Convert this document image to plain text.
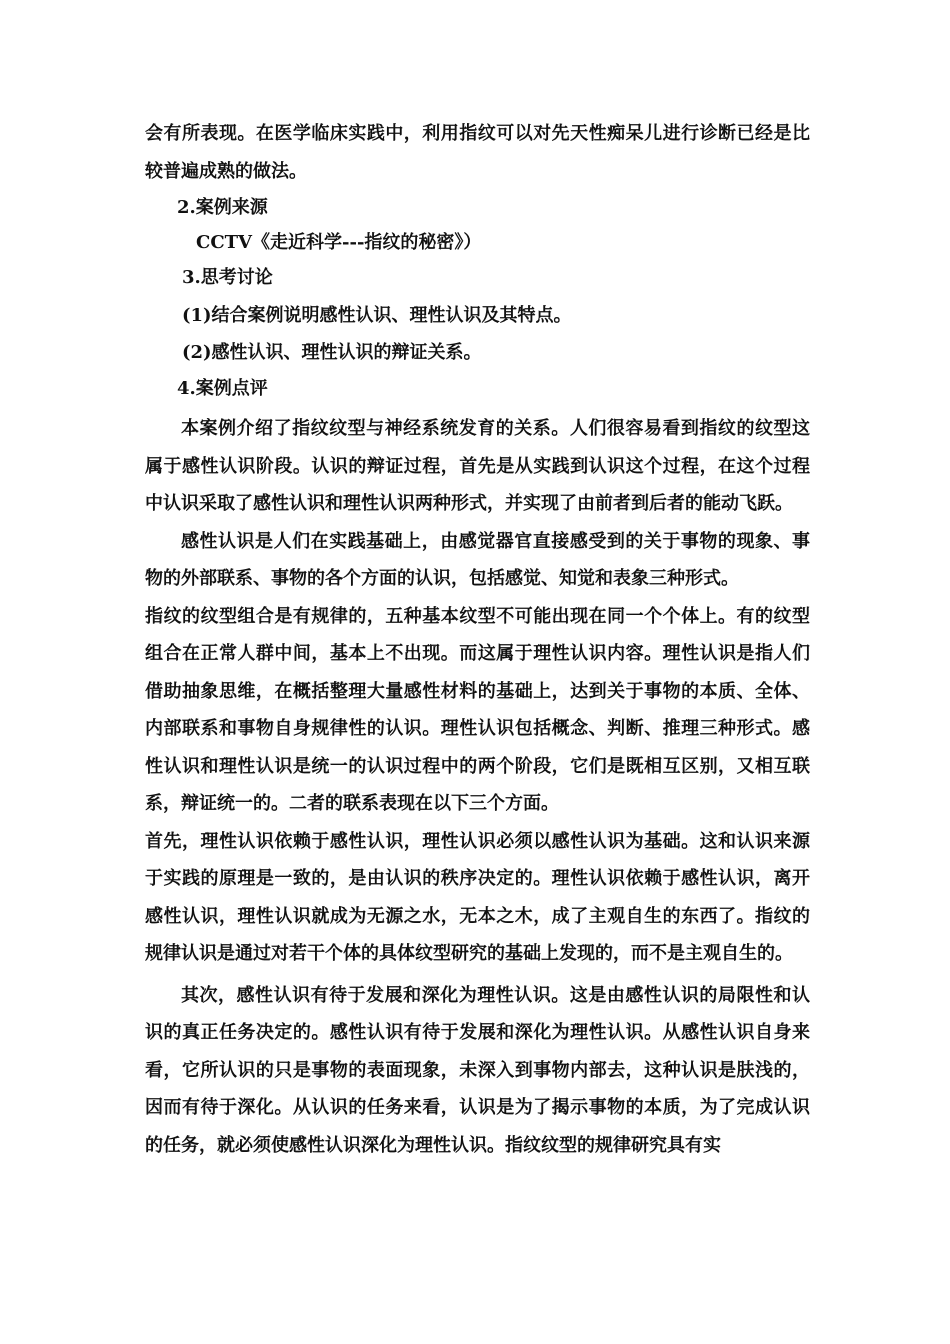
会有所表现。在医学临床实践中，利用指纹可以对先天性痴呆儿进行诊断已经是比较普遍成熟的做法。

2.案例来源

CCTV《走近科学---指纹的秘密》）

3.思考讨论

(1)结合案例说明感性认识、理性认识及其特点。

(2)感性认识、理性认识的辩证关系。

4.案例点评

本案例介绍了指纹纹型与神经系统发育的关系。人们很容易看到指纹的纹型这属于感性认识阶段。认识的辩证过程，首先是从实践到认识这个过程，在这个过程中认识采取了感性认识和理性认识两种形式，并实现了由前者到后者的能动飞跃。

感性认识是人们在实践基础上，由感觉器官直接感受到的关于事物的现象、事物的外部联系、事物的各个方面的认识，包括感觉、知觉和表象三种形式。

指纹的纹型组合是有规律的，五种基本纹型不可能出现在同一个个体上。有的纹型组合在正常人群中间，基本上不出现。而这属于理性认识内容。理性认识是指人们借助抽象思维，在概括整理大量感性材料的基础上，达到关于事物的本质、全体、内部联系和事物自身规律性的认识。理性认识包括概念、判断、推理三种形式。感性认识和理性认识是统一的认识过程中的两个阶段，它们是既相互区别，又相互联系，辩证统一的。二者的联系表现在以下三个方面。

首先，理性认识依赖于感性认识，理性认识必须以感性认识为基础。这和认识来源于实践的原理是一致的，是由认识的秩序决定的。理性认识依赖于感性认识，离开感性认识，理性认识就成为无源之水，无本之木，成了主观自生的东西了。指纹的规律认识是通过对若干个体的具体纹型研究的基础上发现的，而不是主观自生的。

其次，感性认识有待于发展和深化为理性认识。这是由感性认识的局限性和认识的真正任务决定的。感性认识有待于发展和深化为理性认识。从感性认识自身来看，它所认识的只是事物的表面现象，未深入到事物内部去，这种认识是肤浅的，因而有待于深化。从认识的任务来看，认识是为了揭示事物的本质，为了完成认识的任务，就必须使感性认识深化为理性认识。指纹纹型的规律研究具有实
